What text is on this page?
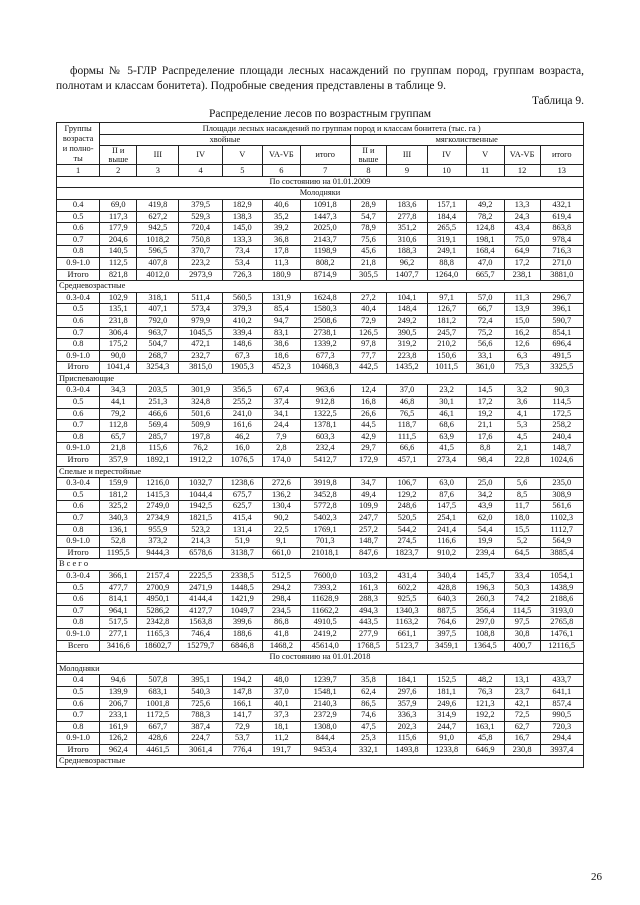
формы № 5-ГЛР Распределение площади лесных насаждений по группам пород, группам возраста, полнотам и классам бонитета). Подробные сведения представлены в таблице 9.

Таблица 9.

Распределение лесов по возрастным группам

Группы
возраста
и полно-
ты	Площади лесных насаждений по группам пород и классам бонитета (тыс. га )											
	хвойные						мягколиственные					
	II и выше	III	IV	V	VA-VБ	итого	II и выше	III	IV	V	VA-VБ	итого
1	2	3	4	5	6	7	8	9	10	11	12	13
По состоянию на 01.01.2009												
Молодняки												
0.4	69,0	419,8	379,5	182,9	40,6	1091,8	28,9	183,6	157,1	49,2	13,3	432,1
0.5	117,3	627,2	529,3	138,3	35,2	1447,3	54,7	277,8	184,4	78,2	24,3	619,4
0.6	177,9	942,5	720,4	145,0	39,2	2025,0	78,9	351,2	265,5	124,8	43,4	863,8
0.7	204,6	1018,2	750,8	133,3	36,8	2143,7	75,6	310,6	319,1	198,1	75,0	978,4
0.8	140,5	596,5	370,7	73,4	17,8	1198,9	45,6	188,3	249,1	168,4	64,9	716,3
0.9-1.0	112,5	407,8	223,2	53,4	11,3	808,2	21,8	96,2	88,8	47,0	17,2	271,0
Итого	821,8	4012,0	2973,9	726,3	180,9	8714,9	305,5	1407,7	1264,0	665,7	238,1	3881,0
Средневозрастные												
0.3-0.4	102,9	318,1	511,4	560,5	131,9	1624,8	27,2	104,1	97,1	57,0	11,3	296,7
0.5	135,1	407,1	573,4	379,3	85,4	1580,3	40,4	148,4	126,7	66,7	13,9	396,1
0.6	231,8	792,0	979,9	410,2	94,7	2508,6	72,9	249,2	181,2	72,4	15,0	590,7
0.7	306,4	963,7	1045,5	339,4	83,1	2738,1	126,5	390,5	245,7	75,2	16,2	854,1
0.8	175,2	504,7	472,1	148,6	38,6	1339,2	97,8	319,2	210,2	56,6	12,6	696,4
0.9-1.0	90,0	268,7	232,7	67,3	18,6	677,3	77,7	223,8	150,6	33,1	6,3	491,5
Итого	1041,4	3254,3	3815,0	1905,3	452,3	10468,3	442,5	1435,2	1011,5	361,0	75,3	3325,5
Приспевающие												
0.3-0.4	34,3	203,5	301,9	356,5	67,4	963,6	12,4	37,0	23,2	14,5	3,2	90,3
0.5	44,1	251,3	324,8	255,2	37,4	912,8	16,8	46,8	30,1	17,2	3,6	114,5
0.6	79,2	466,6	501,6	241,0	34,1	1322,5	26,6	76,5	46,1	19,2	4,1	172,5
0.7	112,8	569,4	509,9	161,6	24,4	1378,1	44,5	118,7	68,6	21,1	5,3	258,2
0.8	65,7	285,7	197,8	46,2	7,9	603,3	42,9	111,5	63,9	17,6	4,5	240,4
0.9-1.0	21,8	115,6	76,2	16,0	2,8	232,4	29,7	66,6	41,5	8,8	2,1	148,7
Итого	357,9	1892,1	1912,2	1076,5	174,0	5412,7	172,9	457,1	273,4	98,4	22,8	1024,6
Спелые и перестойные												
0.3-0.4	159,9	1216,0	1032,7	1238,6	272,6	3919,8	34,7	106,7	63,0	25,0	5,6	235,0
0.5	181,2	1415,3	1044,4	675,7	136,2	3452,8	49,4	129,2	87,6	34,2	8,5	308,9
0.6	325,2	2749,0	1942,5	625,7	130,4	5772,8	109,9	248,6	147,5	43,9	11,7	561,6
0.7	340,3	2734,9	1821,5	415,4	90,2	5402,3	247,7	520,5	254,1	62,0	18,0	1102,3
0.8	136,1	955,9	523,2	131,4	22,5	1769,1	257,2	544,2	241,4	54,4	15,5	1112,7
0.9-1.0	52,8	373,2	214,3	51,9	9,1	701,3	148,7	274,5	116,6	19,9	5,2	564,9
Итого	1195,5	9444,3	6578,6	3138,7	661,0	21018,1	847,6	1823,7	910,2	239,4	64,5	3885,4
В с е г о												
0.3-0.4	366,1	2157,4	2225,5	2338,5	512,5	7600,0	103,2	431,4	340,4	145,7	33,4	1054,1
0.5	477,7	2700,9	2471,9	1448,5	294,2	7393,2	161,3	602,2	428,8	196,3	50,3	1438,9
0.6	814,1	4950,1	4144,4	1421,9	298,4	11628,9	288,3	925,5	640,3	260,3	74,2	2188,6
0.7	964,1	5286,2	4127,7	1049,7	234,5	11662,2	494,3	1340,3	887,5	356,4	114,5	3193,0
0.8	517,5	2342,8	1563,8	399,6	86,8	4910,5	443,5	1163,2	764,6	297,0	97,5	2765,8
0.9-1.0	277,1	1165,3	746,4	188,6	41,8	2419,2	277,9	661,1	397,5	108,8	30,8	1476,1
Всего	3416,6	18602,7	15279,7	6846,8	1468,2	45614,0	1768,5	5123,7	3459,1	1364,5	400,7	12116,5
По состоянию на 01.01.2018												
Молодняки												
0.4	94,6	507,8	395,1	194,2	48,0	1239,7	35,8	184,1	152,5	48,2	13,1	433,7
0.5	139,9	683,1	540,3	147,8	37,0	1548,1	62,4	297,6	181,1	76,3	23,7	641,1
0.6	206,7	1001,8	725,6	166,1	40,1	2140,3	86,5	357,9	249,6	121,3	42,1	857,4
0.7	233,1	1172,5	788,3	141,7	37,3	2372,9	74,6	336,3	314,9	192,2	72,5	990,5
0.8	161,9	667,7	387,4	72,9	18,1	1308,0	47,5	202,3	244,7	163,1	62,7	720,3
0.9-1.0	126,2	428,6	224,7	53,7	11,2	844,4	25,3	115,6	91,0	45,8	16,7	294,4
Итого	962,4	4461,5	3061,4	776,4	191,7	9453,4	332,1	1493,8	1233,8	646,9	230,8	3937,4
Средневозрастные												
26
